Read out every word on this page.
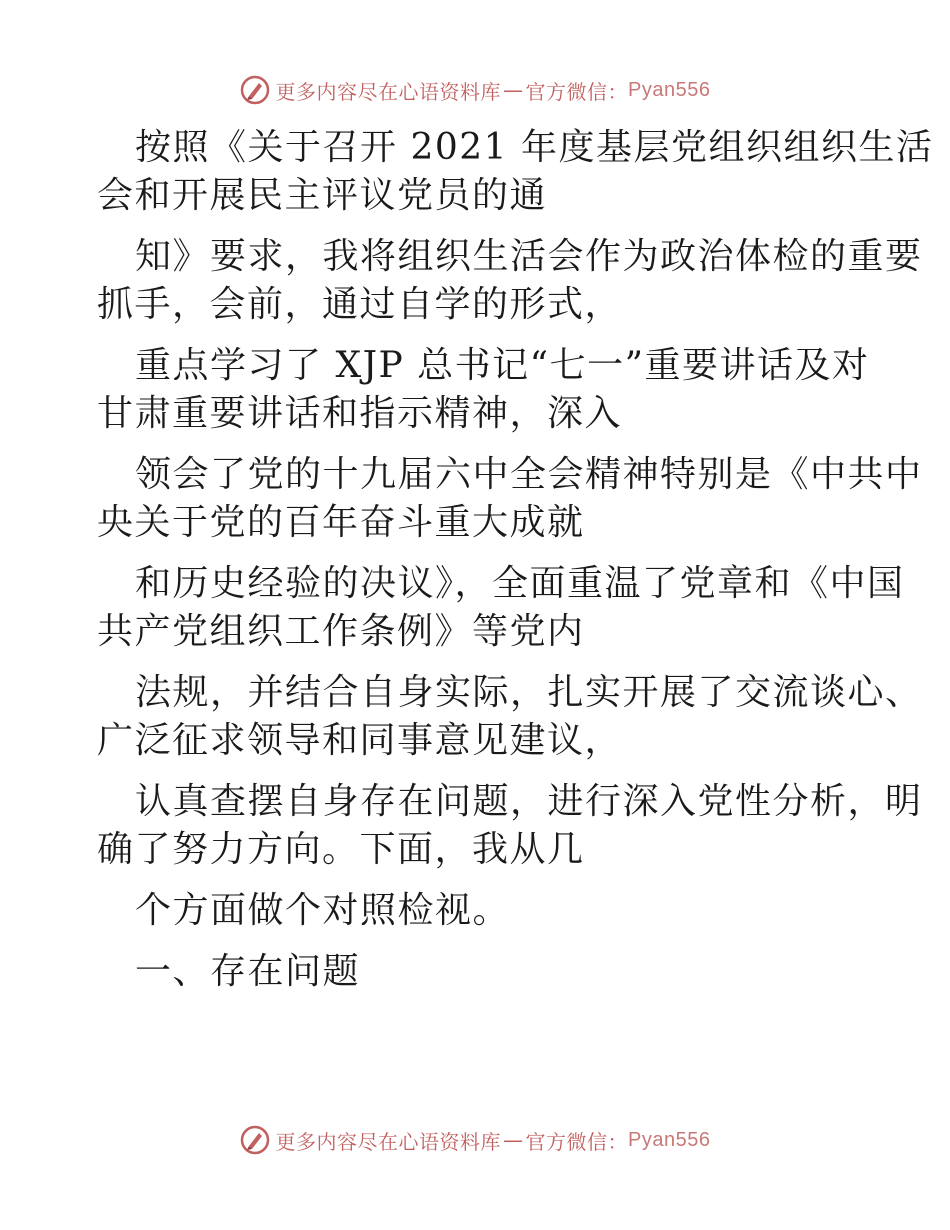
更多内容尽在心语资料库 — 官方微信： Pyan556
按照《关于召开 2021 年度基层党组织组织生活
会和开展民主评议党员的通
知》要求，我将组织生活会作为政治体检的重要
抓手，会前，通过自学的形式，
重点学习了 XJP 总书记“七一”重要讲话及对
甘肃重要讲话和指示精神，深入
领会了党的十九届六中全会精神特别是《中共中
央关于党的百年奋斗重大成就
和历史经验的决议》，全面重温了党章和《中国
共产党组织工作条例》等党内
法规，并结合自身实际，扎实开展了交流谈心、
广泛征求领导和同事意见建议，
认真查摆自身存在问题，进行深入党性分析，明
确了努力方向。下面，我从几
个方面做个对照检视。
一、存在问题
更多内容尽在心语资料库 — 官方微信： Pyan556
